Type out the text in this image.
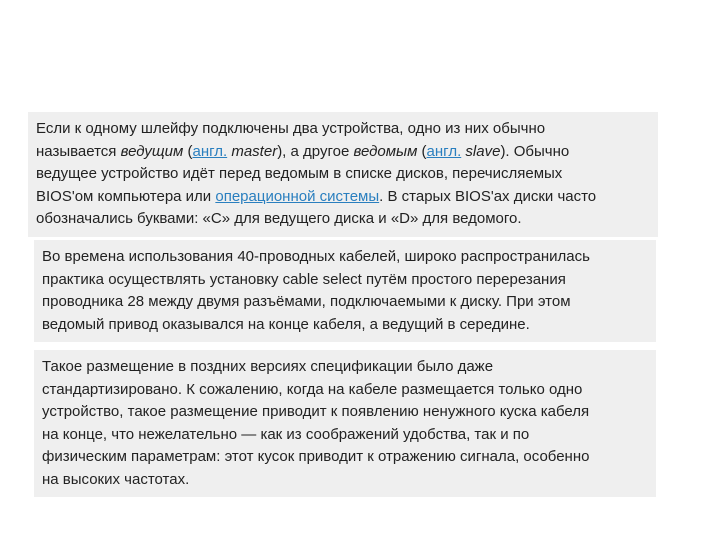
Если к одному шлейфу подключены два устройства, одно из них обычно
называется ведущим (англ. master), а другое ведомым (англ. slave). Обычно
ведущее устройство идёт перед ведомым в списке дисков, перечисляемых
BIOS'ом компьютера или операционной системы. В старых BIOS'ах диски часто
обозначались буквами: «C» для ведущего диска и «D» для ведомого.
Во времена использования 40-проводных кабелей, широко распространилась
практика осуществлять установку cable select путём простого перерезания
проводника 28 между двумя разъёмами, подключаемыми к диску. При этом
ведомый привод оказывался на конце кабеля, а ведущий в середине.
Такое размещение в поздних версиях спецификации было даже
стандартизировано. К сожалению, когда на кабеле размещается только одно
устройство, такое размещение приводит к появлению ненужного куска кабеля
на конце, что нежелательно — как из соображений удобства, так и по
физическим параметрам: этот кусок приводит к отражению сигнала, особенно
на высоких частотах.
